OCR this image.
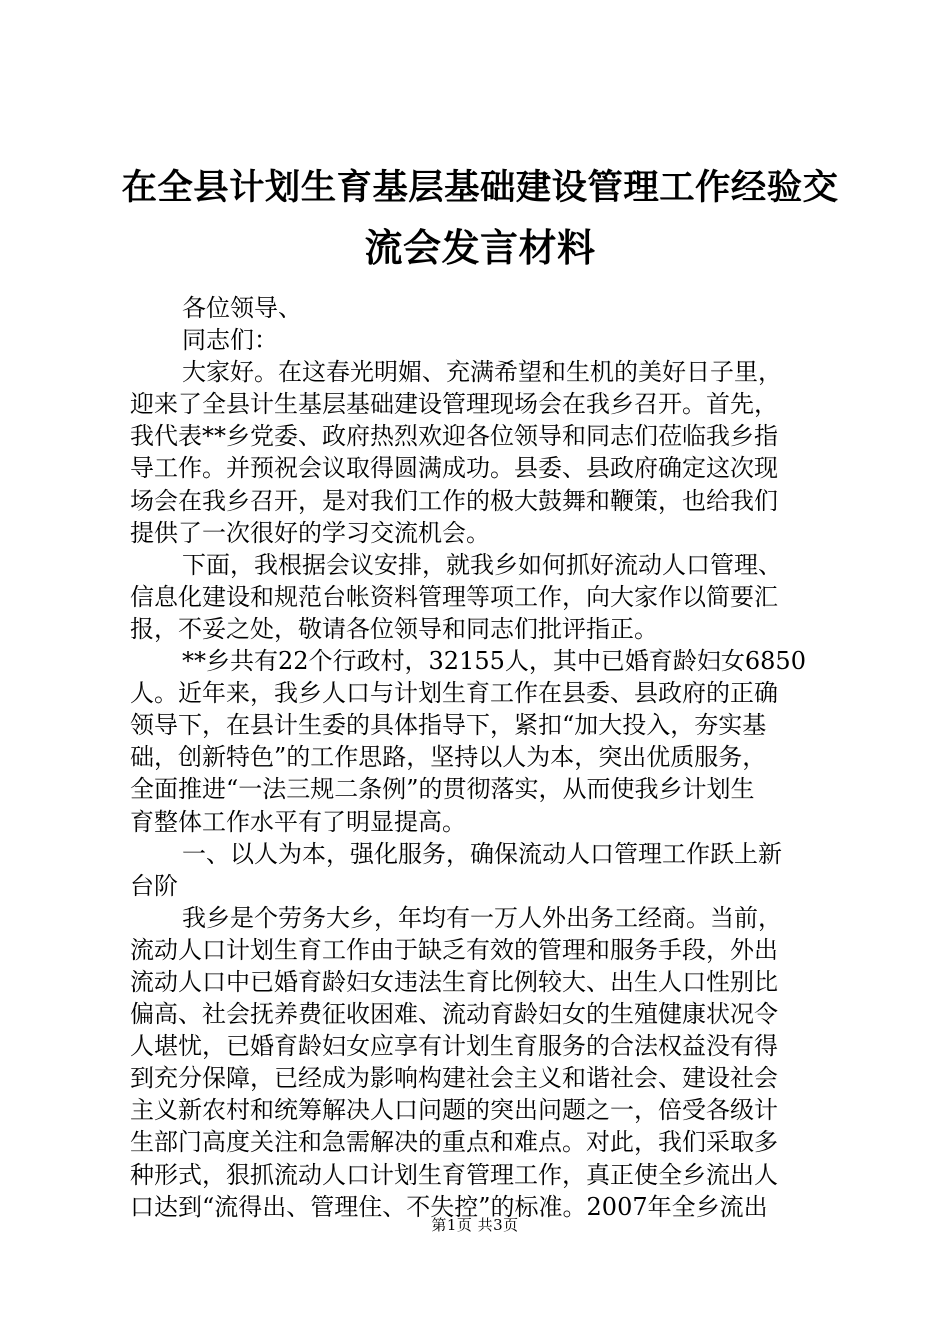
在全县计划生育基层基础建设管理工作经验交
流会发言材料
各位领导、
同志们：
大家好。在这春光明媚、充满希望和生机的美好日子里，
迎来了全县计生基层基础建设管理现场会在我乡召开。首先，
我代表**乡党委、政府热烈欢迎各位领导和同志们莅临我乡指
导工作。并预祝会议取得圆满成功。县委、县政府确定这次现
场会在我乡召开，是对我们工作的极大鼓舞和鞭策，也给我们
提供了一次很好的学习交流机会。
下面，我根据会议安排，就我乡如何抓好流动人口管理、
信息化建设和规范台帐资料管理等项工作，向大家作以简要汇
报，不妥之处，敬请各位领导和同志们批评指正。
**乡共有22个行政村，32155人，其中已婚育龄妇女6850
人。近年来，我乡人口与计划生育工作在县委、县政府的正确
领导下，在县计生委的具体指导下，紧扣“加大投入，夯实基
础，创新特色”的工作思路，坚持以人为本，突出优质服务，
全面推进“一法三规二条例”的贯彻落实，从而使我乡计划生
育整体工作水平有了明显提高。
一、以人为本，强化服务，确保流动人口管理工作跃上新
台阶
我乡是个劳务大乡，年均有一万人外出务工经商。当前，
流动人口计划生育工作由于缺乏有效的管理和服务手段，外出
流动人口中已婚育龄妇女违法生育比例较大、出生人口性别比
偏高、社会抚养费征收困难、流动育龄妇女的生殖健康状况令
人堪忧，已婚育龄妇女应享有计划生育服务的合法权益没有得
到充分保障，已经成为影响构建社会主义和谐社会、建设社会
主义新农村和统筹解决人口问题的突出问题之一，倍受各级计
生部门高度关注和急需解决的重点和难点。对此，我们采取多
种形式，狠抓流动人口计划生育管理工作，真正使全乡流出人
口达到“流得出、管理住、不失控”的标准。2007年全乡流出
第1页 共3页
